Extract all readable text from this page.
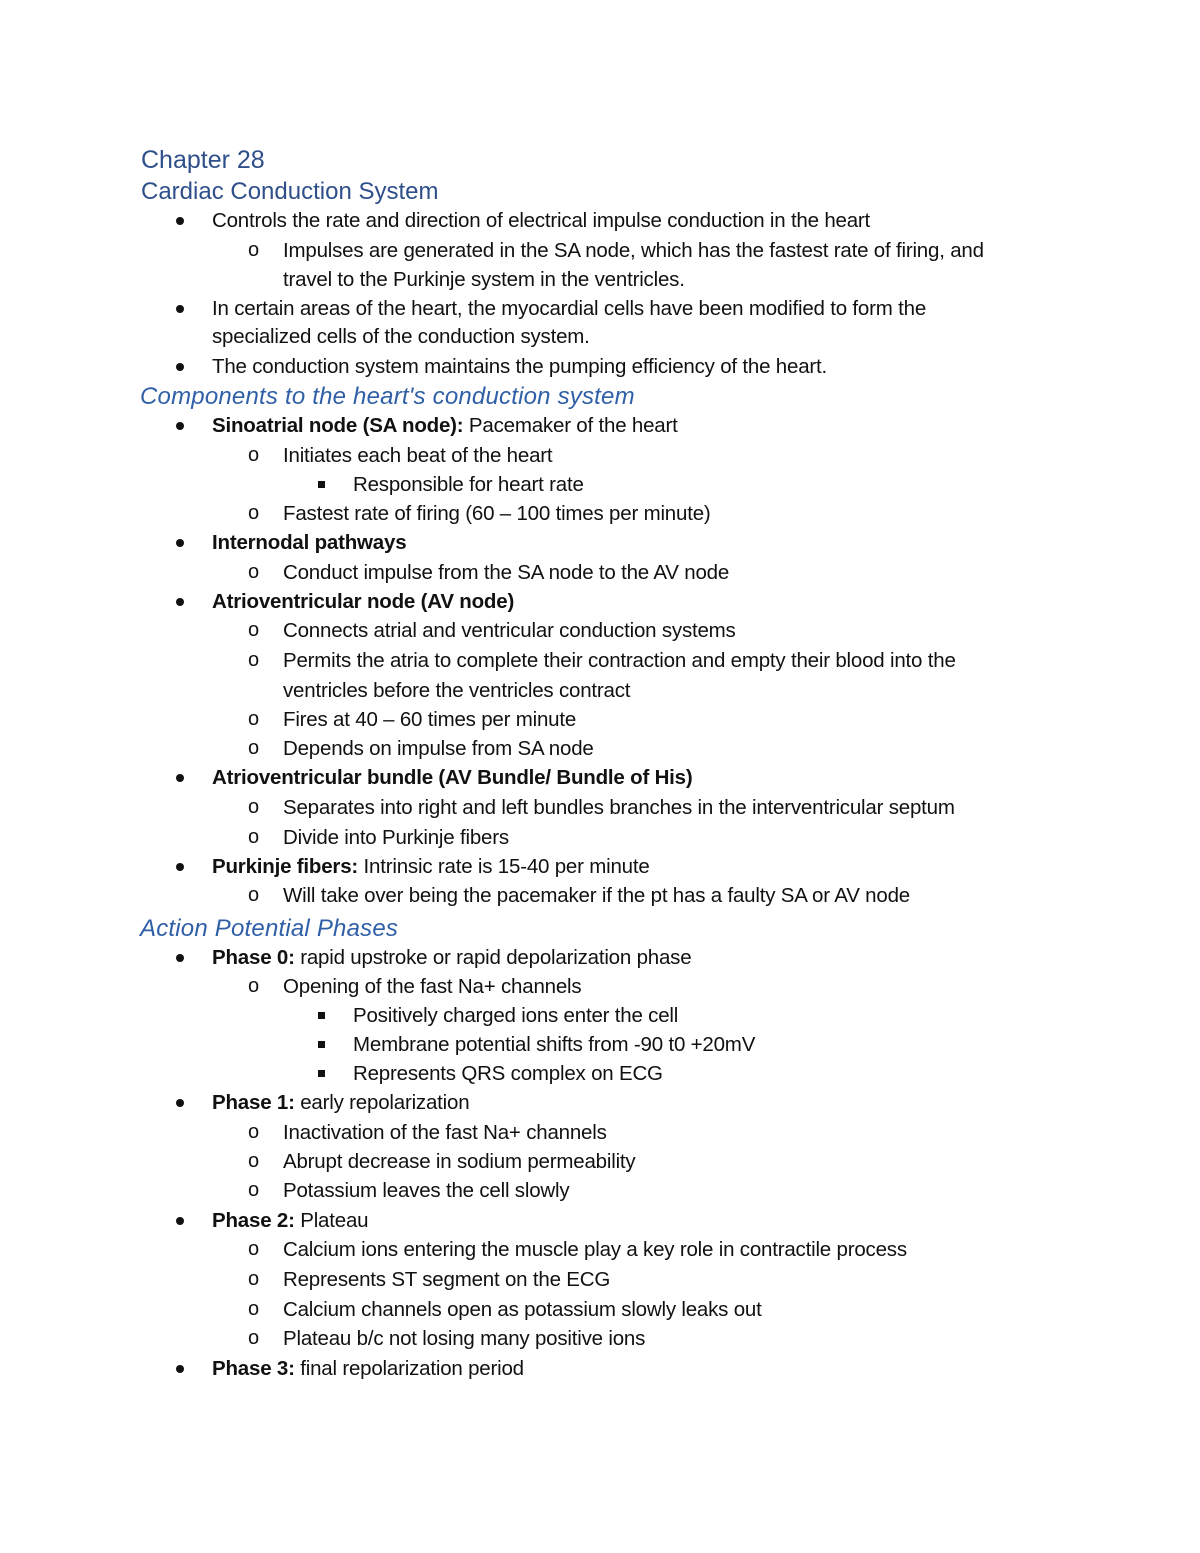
Chapter 28
Cardiac Conduction System
Controls the rate and direction of electrical impulse conduction in the heart
o Impulses are generated in the SA node, which has the fastest rate of firing, and
travel to the Purkinje system in the ventricles.
In certain areas of the heart, the myocardial cells have been modified to form the
specialized cells of the conduction system.
The conduction system maintains the pumping efficiency of the heart.
Components to the heart's conduction system
Sinoatrial node (SA node): Pacemaker of the heart
o Initiates each beat of the heart
Responsible for heart rate
o Fastest rate of firing (60 – 100 times per minute)
Internodal pathways
o Conduct impulse from the SA node to the AV node
Atrioventricular node (AV node)
o Connects atrial and ventricular conduction systems
o Permits the atria to complete their contraction and empty their blood into the
ventricles before the ventricles contract
o Fires at 40 – 60 times per minute
o Depends on impulse from SA node
Atrioventricular bundle (AV Bundle/ Bundle of His)
o Separates into right and left bundles branches in the interventricular septum
o Divide into Purkinje fibers
Purkinje fibers: Intrinsic rate is 15-40 per minute
o Will take over being the pacemaker if the pt has a faulty SA or AV node
Action Potential Phases
Phase 0: rapid upstroke or rapid depolarization phase
o Opening of the fast Na+ channels
Positively charged ions enter the cell
Membrane potential shifts from -90 t0 +20mV
Represents QRS complex on ECG
Phase 1: early repolarization
o Inactivation of the fast Na+ channels
o Abrupt decrease in sodium permeability
o Potassium leaves the cell slowly
Phase 2: Plateau
o Calcium ions entering the muscle play a key role in contractile process
o Represents ST segment on the ECG
o Calcium channels open as potassium slowly leaks out
o Plateau b/c not losing many positive ions
Phase 3: final repolarization period
